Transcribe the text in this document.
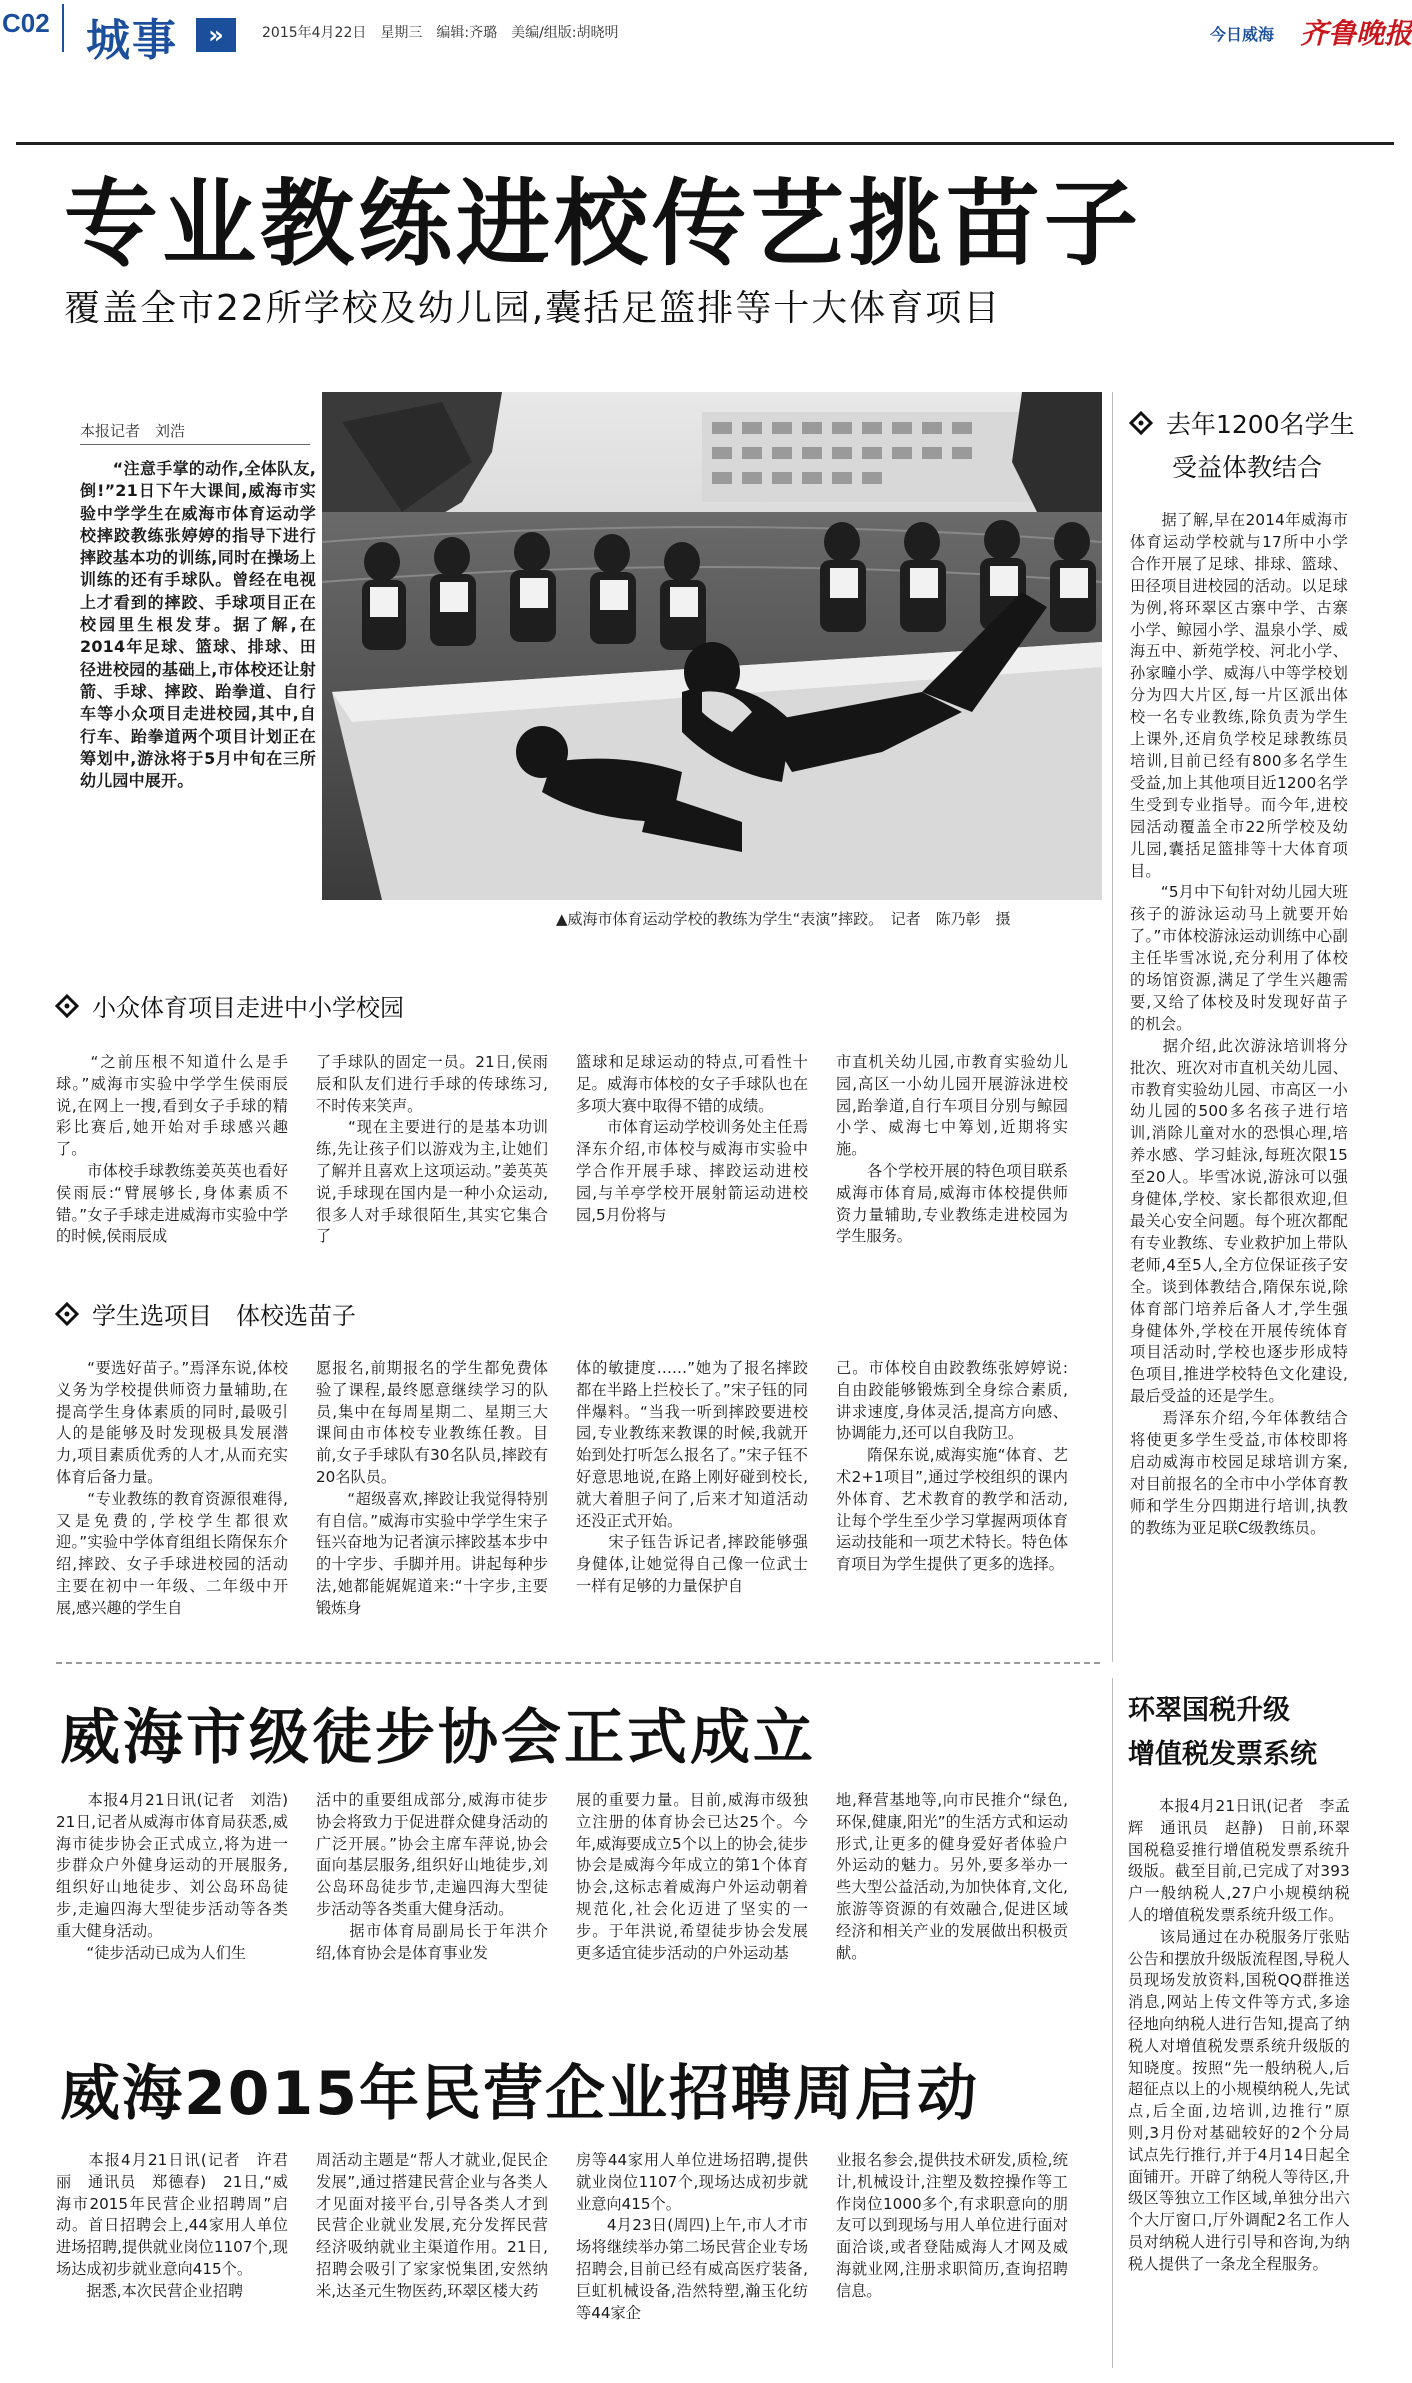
C02 城事	»	2015年4月22日　星期三　编辑:齐璐　美编/组版:胡晓明	今日威海 齐鲁晚报
专业教练进校传艺挑苗子
覆盖全市22所学校及幼儿园,囊括足篮排等十大体育项目
本报记者　刘浩
　　“注意手掌的动作,全体队友,倒!”21日下午大课间,威海市实验中学学生在威海市体育运动学校摔跤教练张婷婷的指导下进行摔跤基本功的训练,同时在操场上训练的还有手球队。曾经在电视上才看到的摔跤、手球项目正在校园里生根发芽。据了解,在2014年足球、篮球、排球、田径进校园的基础上,市体校还让射箭、手球、摔跤、跆拳道、自行车等小众项目走进校园,其中,自行车、跆拳道两个项目计划正在筹划中,游泳将于5月中旬在三所幼儿园中展开。
▲威海市体育运动学校的教练为学生“表演”摔跤。　记者　陈乃彰　摄
去年1200名学生
受益体教结合
　　据了解,早在2014年威海市体育运动学校就与17所中小学合作开展了足球、排球、篮球、田径项目进校园的活动。以足球为例,将环翠区古寨中学、古寨小学、鲸园小学、温泉小学、威海五中、新苑学校、河北小学、孙家疃小学、威海八中等学校划分为四大片区,每一片区派出体校一名专业教练,除负责为学生上课外,还肩负学校足球教练员培训,目前已经有800多名学生受益,加上其他项目近1200名学生受到专业指导。而今年,进校园活动覆盖全市22所学校及幼儿园,囊括足篮排等十大体育项目。
　　“5月中下旬针对幼儿园大班孩子的游泳运动马上就要开始了。”市体校游泳运动训练中心副主任毕雪冰说,充分利用了体校的场馆资源,满足了学生兴趣需要,又给了体校及时发现好苗子的机会。
　　据介绍,此次游泳培训将分批次、班次对市直机关幼儿园、市教育实验幼儿园、市高区一小幼儿园的500多名孩子进行培训,消除儿童对水的恐惧心理,培养水感、学习蛙泳,每班次限15至20人。毕雪冰说,游泳可以强身健体,学校、家长都很欢迎,但最关心安全问题。每个班次都配有专业教练、专业救护加上带队老师,4至5人,全方位保证孩子安全。谈到体教结合,隋保东说,除体育部门培养后备人才,学生强身健体外,学校在开展传统体育项目活动时,学校也逐步形成特色项目,推进学校特色文化建设,最后受益的还是学生。
　　焉泽东介绍,今年体教结合将使更多学生受益,市体校即将启动威海市校园足球培训方案,对目前报名的全市中小学体育教师和学生分四期进行培训,执教的教练为亚足联C级教练员。
小众体育项目走进中小学校园
　　“之前压根不知道什么是手球。”威海市实验中学学生侯雨辰说,在网上一搜,看到女子手球的精彩比赛后,她开始对手球感兴趣了。
　　市体校手球教练姜英英也看好侯雨辰:“臂展够长,身体素质不错。”女子手球走进威海市实验中学的时候,侯雨辰成
了手球队的固定一员。21日,侯雨辰和队友们进行手球的传球练习,不时传来笑声。
　　“现在主要进行的是基本功训练,先让孩子们以游戏为主,让她们了解并且喜欢上这项运动。”姜英英说,手球现在国内是一种小众运动,很多人对手球很陌生,其实它集合了
篮球和足球运动的特点,可看性十足。威海市体校的女子手球队也在多项大赛中取得不错的成绩。
　　市体育运动学校训务处主任焉泽东介绍,市体校与威海市实验中学合作开展手球、摔跤运动进校园,与羊亭学校开展射箭运动进校园,5月份将与
市直机关幼儿园,市教育实验幼儿园,高区一小幼儿园开展游泳进校园,跆拳道,自行车项目分别与鲸园小学、威海七中筹划,近期将实施。
　　各个学校开展的特色项目联系威海市体育局,威海市体校提供师资力量辅助,专业教练走进校园为学生服务。
学生选项目　体校选苗子
　　“要选好苗子。”焉泽东说,体校义务为学校提供师资力量辅助,在提高学生身体素质的同时,最吸引人的是能够及时发现极具发展潜力,项目素质优秀的人才,从而充实体育后备力量。
　　“专业教练的教育资源很难得,又是免费的,学校学生都很欢迎。”实验中学体育组组长隋保东介绍,摔跤、女子手球进校园的活动主要在初中一年级、二年级中开展,感兴趣的学生自
愿报名,前期报名的学生都免费体验了课程,最终愿意继续学习的队员,集中在每周星期二、星期三大课间由市体校专业教练任教。目前,女子手球队有30名队员,摔跤有20名队员。
　　“超级喜欢,摔跤让我觉得特别有自信。”威海市实验中学学生宋子钰兴奋地为记者演示摔跤基本步中的十字步、手脚并用。讲起每种步法,她都能娓娓道来:“十字步,主要锻炼身
体的敏捷度……”她为了报名摔跤都在半路上拦校长了。”宋子钰的同伴爆料。“当我一听到摔跤要进校园,专业教练来教课的时候,我就开始到处打听怎么报名了。”宋子钰不好意思地说,在路上刚好碰到校长,就大着胆子问了,后来才知道活动还没正式开始。
　　宋子钰告诉记者,摔跤能够强身健体,让她觉得自己像一位武士一样有足够的力量保护自
己。市体校自由跤教练张婷婷说:自由跤能够锻炼到全身综合素质,讲求速度,身体灵活,提高方向感、协调能力,还可以自我防卫。
　　隋保东说,威海实施“体育、艺术2+1项目”,通过学校组织的课内外体育、艺术教育的教学和活动,让每个学生至少学习掌握两项体育运动技能和一项艺术特长。特色体育项目为学生提供了更多的选择。
威海市级徒步协会正式成立
　　本报4月21日讯(记者　刘浩)　21日,记者从威海市体育局获悉,威海市徒步协会正式成立,将为进一步群众户外健身运动的开展服务,组织好山地徒步、刘公岛环岛徒步,走遍四海大型徒步活动等各类重大健身活动。
　　“徒步活动已成为人们生
活中的重要组成部分,威海市徒步协会将致力于促进群众健身活动的广泛开展。”协会主席车萍说,协会面向基层服务,组织好山地徒步,刘公岛环岛徒步节,走遍四海大型徒步活动等各类重大健身活动。
　　据市体育局副局长于年洪介绍,体育协会是体育事业发
展的重要力量。目前,威海市级独立注册的体育协会已达25个。今年,威海要成立5个以上的协会,徒步协会是威海今年成立的第1个体育协会,这标志着威海户外运动朝着规范化,社会化迈进了坚实的一步。于年洪说,希望徒步协会发展更多适宜徒步活动的户外运动基
地,释营基地等,向市民推介“绿色,环保,健康,阳光”的生活方式和运动形式,让更多的健身爱好者体验户外运动的魅力。另外,要多举办一些大型公益活动,为加快体育,文化,旅游等资源的有效融合,促进区域经济和相关产业的发展做出积极贡献。
威海2015年民营企业招聘周启动
　　本报4月21日讯(记者　许君丽　通讯员　郑德春)　21日,“威海市2015年民营企业招聘周”启动。首日招聘会上,44家用人单位进场招聘,提供就业岗位1107个,现场达成初步就业意向415个。
　　据悉,本次民营企业招聘
周活动主题是“帮人才就业,促民企发展”,通过搭建民营企业与各类人才见面对接平台,引导各类人才到民营企业就业发展,充分发挥民营经济吸纳就业主渠道作用。21日,招聘会吸引了家家悦集团,安然纳米,达圣元生物医药,环翠区楼大药
房等44家用人单位进场招聘,提供就业岗位1107个,现场达成初步就业意向415个。
　　4月23日(周四)上午,市人才市场将继续举办第二场民营企业专场招聘会,目前已经有威高医疗装备,巨虹机械设备,浩然特塑,瀚玉化纺等44家企
业报名参会,提供技术研发,质检,统计,机械设计,注塑及数控操作等工作岗位1000多个,有求职意向的朋友可以到现场与用人单位进行面对面洽谈,或者登陆威海人才网及威海就业网,注册求职简历,查询招聘信息。
环翠国税升级
增值税发票系统
　　本报4月21日讯(记者　李孟辉　通讯员　赵静)　日前,环翠国税稳妥推行增值税发票系统升级版。截至目前,已完成了对393户一般纳税人,27户小规模纳税人的增值税发票系统升级工作。
　　该局通过在办税服务厅张贴公告和摆放升级版流程图,导税人员现场发放资料,国税QQ群推送消息,网站上传文件等方式,多途径地向纳税人进行告知,提高了纳税人对增值税发票系统升级版的知晓度。按照“先一般纳税人,后超征点以上的小规模纳税人,先试点,后全面,边培训,边推行”原则,3月份对基础较好的2个分局试点先行推行,并于4月14日起全面铺开。开辟了纳税人等待区,升级区等独立工作区域,单独分出六个大厅窗口,厅外调配2名工作人员对纳税人进行引导和咨询,为纳税人提供了一条龙全程服务。
